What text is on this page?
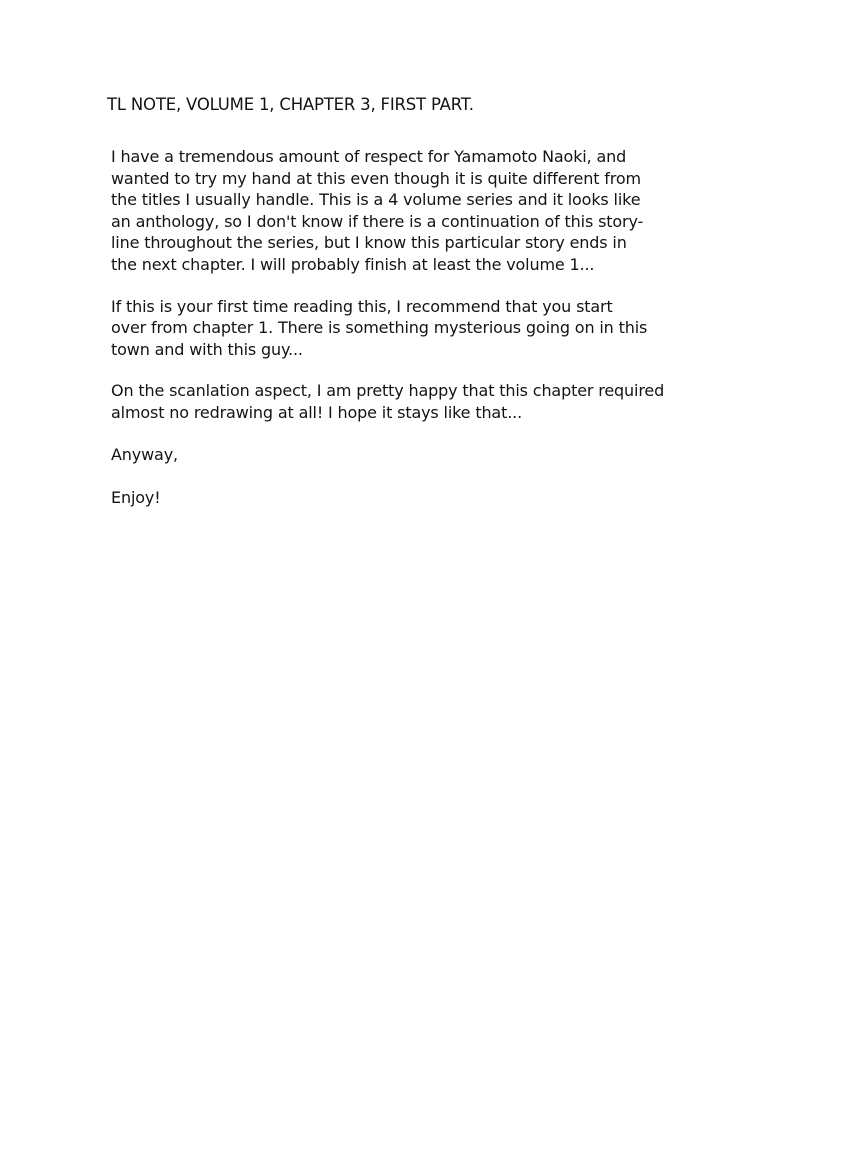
TL NOTE, VOLUME 1, CHAPTER 3, FIRST PART.

I have a tremendous amount of respect for Yamamoto Naoki, and
wanted to try my hand at this even though it is quite different from
the titles I usually handle. This is a 4 volume series and it looks like
an anthology, so I don't know if there is a continuation of this story-
line throughout the series, but I know this particular story ends in
the next chapter. I will probably finish at least the volume 1...

If this is your first time reading this, I recommend that you start
over from chapter 1. There is something mysterious going on in this
town and with this guy...

On the scanlation aspect, I am pretty happy that this chapter required
almost no redrawing at all! I hope it stays like that...

Anyway,

Enjoy!
